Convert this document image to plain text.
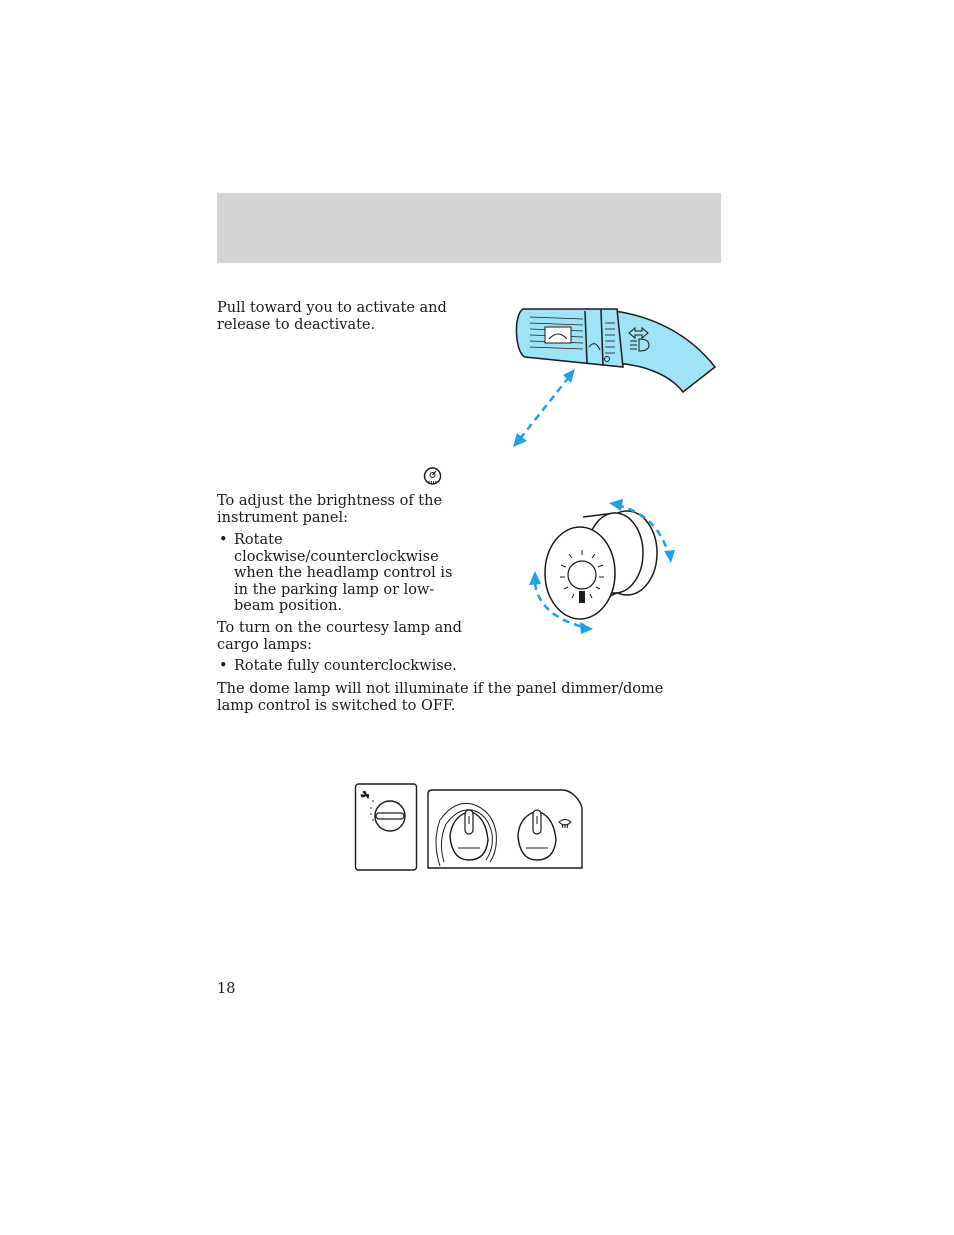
Pull toward you to activate and release to deactivate.

To adjust the brightness of the instrument panel:

• Rotate clockwise/counterclockwise when the headlamp control is in the parking lamp or low-beam position.

To turn on the courtesy lamp and cargo lamps:

• Rotate fully counterclockwise.

The dome lamp will not illuminate if the panel dimmer/dome lamp control is switched to OFF.

18
